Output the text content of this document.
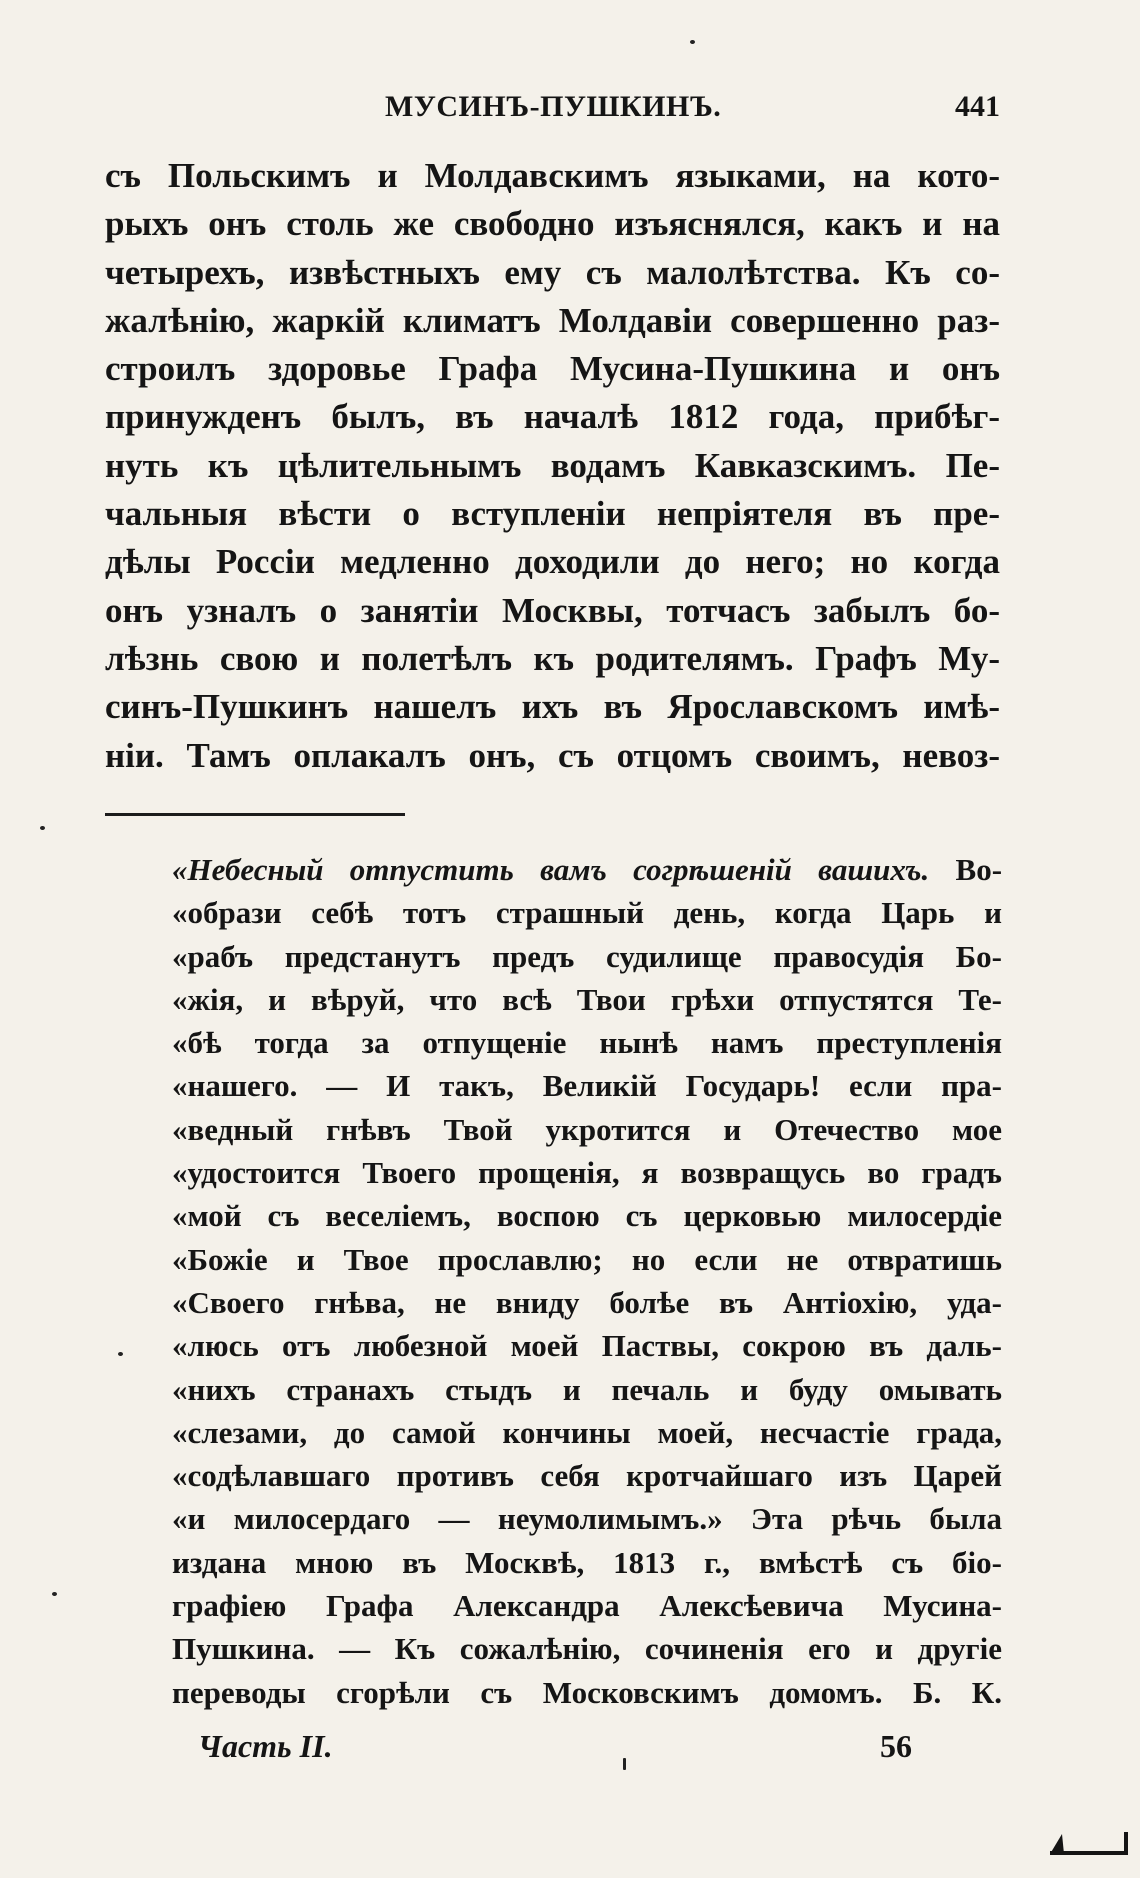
МУСИНЪ-ПУШКИНЪ.	441
съ Польскимъ и Молдавскимъ языками, на кото-
рыхъ онъ столь же свободно изъяснялся, какъ и на
четырехъ, извѣстныхъ ему съ малолѣтства. Къ со-
жалѣнію, жаркій климатъ Молдавіи совершенно раз-
строилъ здоровье Графа Мусина-Пушкина и онъ
принужденъ былъ, въ началѣ 1812 года, прибѣг-
нуть къ цѣлительнымъ водамъ Кавказскимъ. Пе-
чальныя вѣсти о вступленіи непріятеля въ пре-
дѣлы Россіи медленно доходили до него; но когда
онъ узналъ о занятіи Москвы, тотчасъ забылъ бо-
лѣзнь свою и полетѣлъ къ родителямъ. Графъ Му-
синъ-Пушкинъ нашелъ ихъ въ Ярославскомъ имѣ-
ніи. Тамъ оплакалъ онъ, съ отцомъ своимъ, невоз-
«Небесный отпустить вамъ согрѣшеній вашихъ. Во-
«образи себѣ тотъ страшный день, когда Царь и
«рабъ предстанутъ предъ судилище правосудія Бо-
«жія, и вѣруй, что всѣ Твои грѣхи отпустятся Те-
«бѣ тогда за отпущеніе нынѣ намъ преступленія
«нашего. — И такъ, Великій Государь! если пра-
«ведный гнѣвъ Твой укротится и Отечество мое
«удостоится Твоего прощенія, я возвращусь во градъ
«мой съ веселіемъ, воспою съ церковью милосердіе
«Божіе и Твое прославлю; но если не отвратишь
«Своего гнѣва, не вниду болѣе въ Антіохію, уда-
«люсь отъ любезной моей Паствы, сокрою въ даль-
«нихъ странахъ стыдъ и печаль и буду омывать
«слезами, до самой кончины моей, несчастіе града,
«содѣлавшаго противъ себя кротчайшаго изъ Царей
«и милосердаго — неумолимымъ.» Эта рѣчь была
издана мною въ Москвѣ, 1813 г., вмѣстѣ съ біо-
графіею Графа Александра Алексѣевича Мусина-
Пушкина. — Къ сожалѣнію, сочиненія его и другіе
переводы сгорѣли съ Московскимъ домомъ. Б. К.
Часть II.	56
